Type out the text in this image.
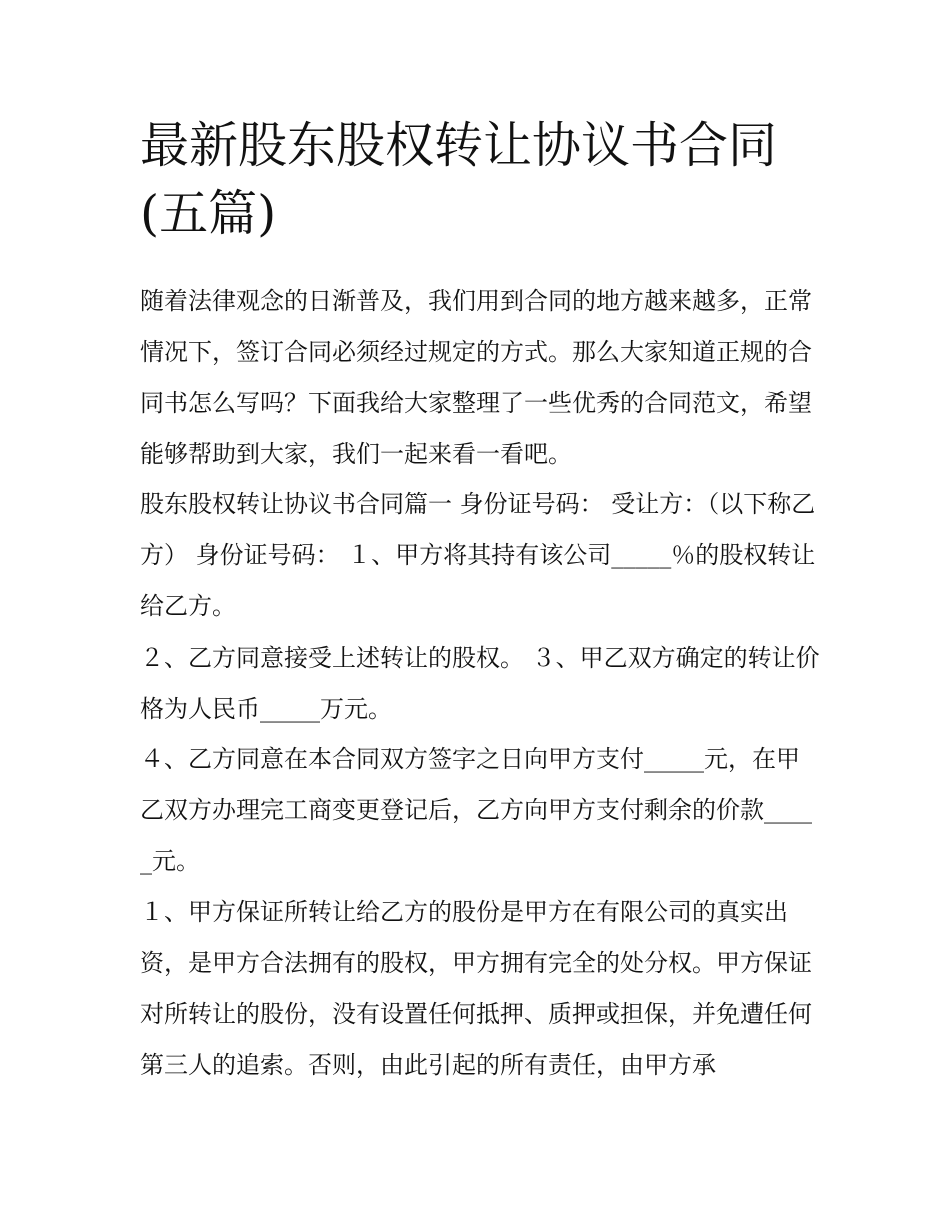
最新股东股权转让协议书合同(五篇)

随着法律观念的日渐普及，我们用到合同的地方越来越多，正常情况下，签订合同必须经过规定的方式。那么大家知道正规的合同书怎么写吗？下面我给大家整理了一些优秀的合同范文，希望能够帮助到大家，我们一起来看一看吧。

股东股权转让协议书合同篇一 身份证号码： 受让方：（以下称乙方） 身份证号码： １、甲方将其持有该公司_____％的股权转让给乙方。

２、乙方同意接受上述转让的股权。 ３、甲乙双方确定的转让价格为人民币_____万元。

４、乙方同意在本合同双方签字之日向甲方支付_____元，在甲乙双方办理完工商变更登记后，乙方向甲方支付剩余的价款_____元。

１、甲方保证所转让给乙方的股份是甲方在有限公司的真实出资，是甲方合法拥有的股权，甲方拥有完全的处分权。甲方保证对所转让的股份，没有设置任何抵押、质押或担保，并免遭任何第三人的追索。否则，由此引起的所有责任，由甲方承
